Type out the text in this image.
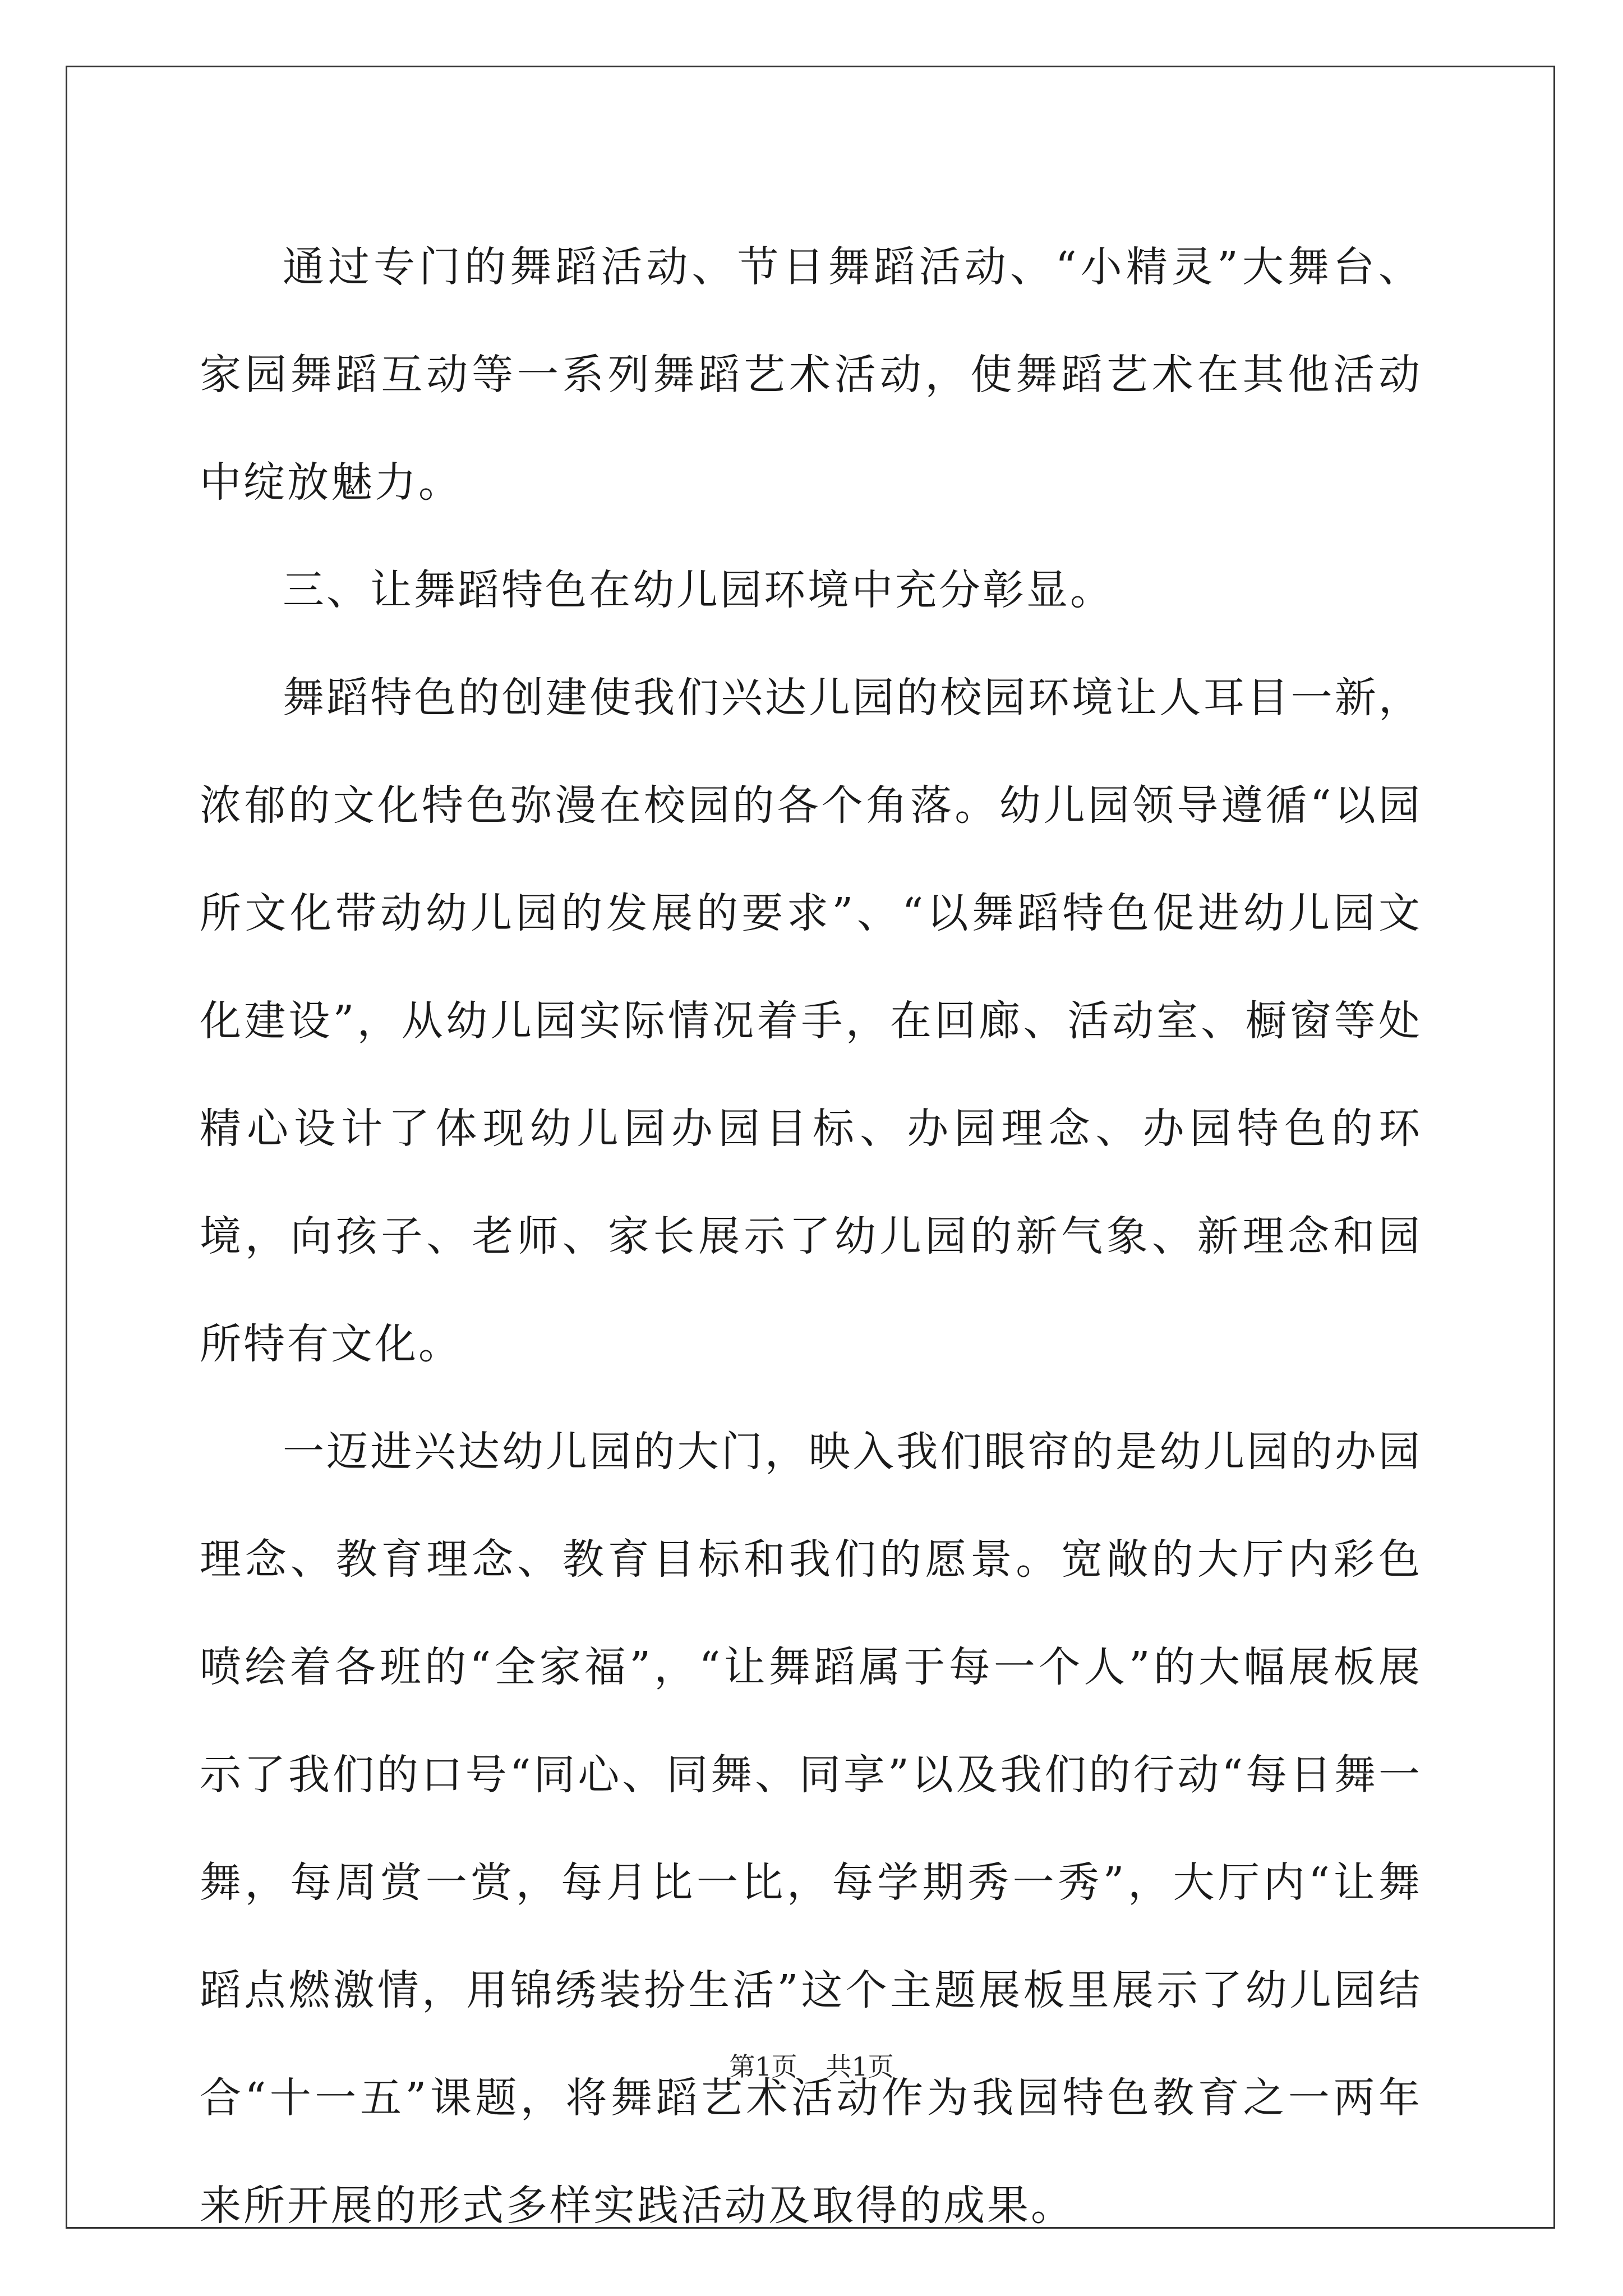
通过专门的舞蹈活动、节日舞蹈活动、“小精灵”大舞台、家园舞蹈互动等一系列舞蹈艺术活动，使舞蹈艺术在其他活动中绽放魅力。

三、让舞蹈特色在幼儿园环境中充分彰显。

舞蹈特色的创建使我们兴达儿园的校园环境让人耳目一新，浓郁的文化特色弥漫在校园的各个角落。幼儿园领导遵循“以园所文化带动幼儿园的发展的要求”、“以舞蹈特色促进幼儿园文化建设”，从幼儿园实际情况着手，在回廊、活动室、橱窗等处精心设计了体现幼儿园办园目标、办园理念、办园特色的环境，向孩子、老师、家长展示了幼儿园的新气象、新理念和园所特有文化。

一迈进兴达幼儿园的大门，映入我们眼帘的是幼儿园的办园理念、教育理念、教育目标和我们的愿景。宽敞的大厅内彩色喷绘着各班的“全家福”，“让舞蹈属于每一个人”的大幅展板展示了我们的口号“同心、同舞、同享”以及我们的行动“每日舞一舞，每周赏一赏，每月比一比，每学期秀一秀”，大厅内“让舞蹈点燃激情，用锦绣装扮生活”这个主题展板里展示了幼儿园结合“十一五”课题，将舞蹈艺术活动作为我园特色教育之一两年来所开展的形式多样实践活动及取得的成果。

第1页 共1页
